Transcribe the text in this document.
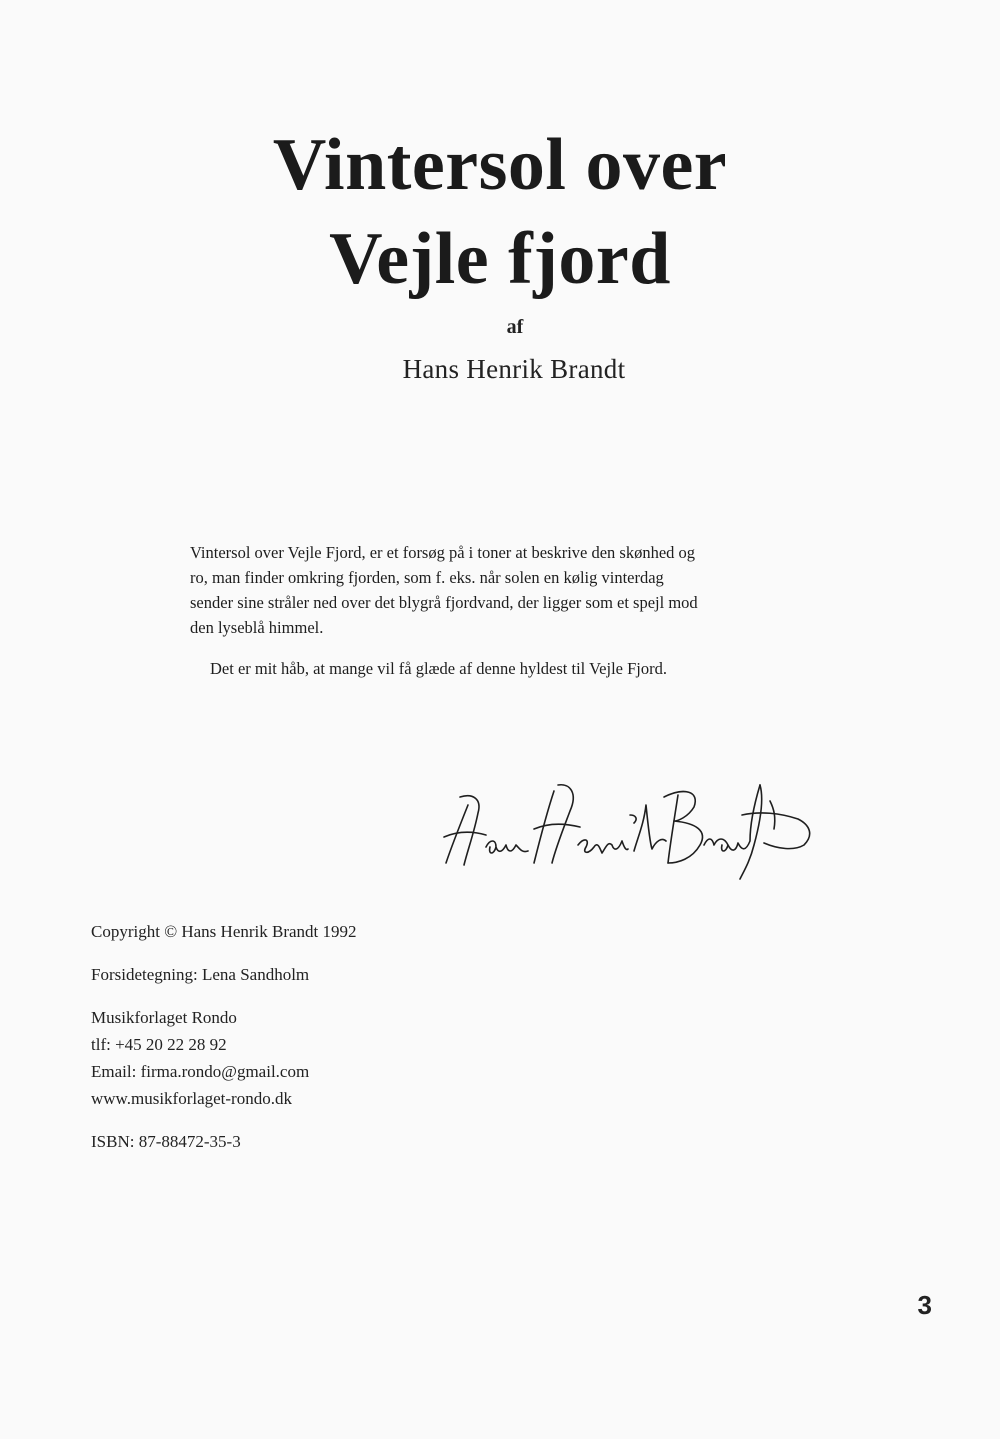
Vintersol over
Vejle fjord
af
Hans Henrik Brandt

Vintersol over Vejle Fjord, er et forsøg på i toner at beskrive den skønhed og ro, man finder omkring fjorden, som f. eks. når solen en kølig vinterdag sender sine stråler ned over det blygrå fjordvand, der ligger som et spejl mod den lyseblå himmel.

Det er mit håb, at mange vil få glæde af denne hyldest til Vejle Fjord.

Copyright © Hans Henrik Brandt 1992
Forsidetegning: Lena Sandholm
Musikforlaget Rondo
tlf: +45 20 22 28 92
Email: firma.rondo@gmail.com
www.musikforlaget-rondo.dk
ISBN: 87-88472-35-3
3
